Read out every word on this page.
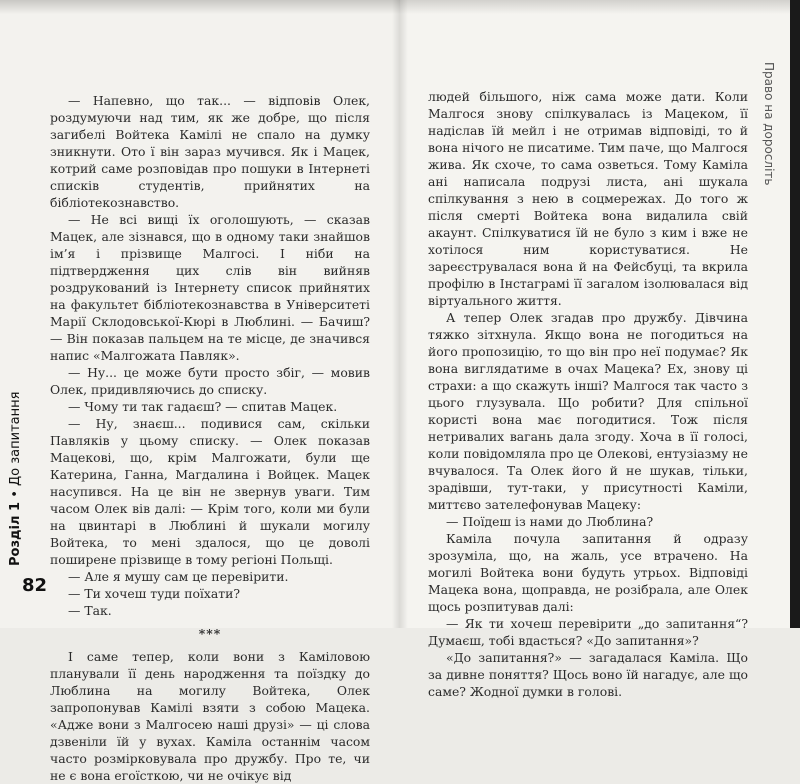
— Напевно, що так... — відповів Олек, роздумуючи над тим, як же добре, що після загибелі Войтека Камілі не спало на думку зникнути. Ото ї він зараз мучився. Як і Мацек, котрий саме розповідав про пошуки в Інтернеті списків студентів, прийнятих на бібліотекознавство.

— Не всі вищі їх оголошують, — сказав Мацек, але зізнався, що в одному таки знайшов ім’я і прізвище Малгосі. І ніби на підтвердження цих слів він вийняв роздрукований із Інтернету список прийнятих на факультет бібліотекознавства в Університеті Марії Склодовської-Кюрі в Люблині. — Бачиш? — Він показав пальцем на те місце, де значився напис «Малгожата Павляк».

— Ну... це може бути просто збіг, — мовив Олек, придивляючись до списку.

— Чому ти так гадаєш? — спитав Мацек.

— Ну, знаєш... подивися сам, скільки Павляків у цьому списку. — Олек показав Мацекові, що, крім Малгожати, були ще Катерина, Ганна, Магдалина і Войцек. Мацек насупився. На це він не звернув уваги. Тим часом Олек вів далі: — Крім того, коли ми були на цвинтарі в Люблині й шукали могилу Войтека, то мені здалося, що це доволі поширене прізвище в тому регіоні Польщі.

— Але я мушу сам це перевірити.

— Ти хочеш туди поїхати?

— Так.

***

І саме тепер, коли вони з Каміловою планували її день народження та поїздку до Люблина на могилу Войтека, Олек запропонував Камілі взяти з собою Мацека. «Адже вони з Малгосею наші друзі» — ці слова дзвеніли їй у вухах. Каміла останнім часом часто розмірковувала про дружбу. Про те, чи не є вона егоїсткою, чи не очікує від

82
Розділ 1 • До запитання

людей більшого, ніж сама може дати. Коли Малгося знову спілкувалась із Мацеком, її надіслав їй мейл і не отримав відповіді, то й вона нічого не писатиме. Тим паче, що Малгося жива. Як схоче, то сама озветься. Тому Каміла ані написала подрузі листа, ані шукала спілкування з нею в соцмережах. До того ж після смерті Войтека вона видалила свій акаунт. Спілкуватися їй не було з ким і вже не хотілося ним користуватися. Не зареєструвалася вона й на Фейсбуці, та вкрила профілю в Інстаграмі її загалом ізолювалася від віртуального життя.

А тепер Олек згадав про дружбу. Дівчина тяжко зітхнула. Якщо вона не погодиться на його пропозицію, то що він про неї подумає? Як вона виглядатиме в очах Мацека? Ех, знову ці страхи: а що скажуть інші? Малгося так часто з цього глузувала. Що робити? Для спільної користі вона має погодитися. Тож після нетривалих вагань дала згоду. Хоча в її голосі, коли повідомляла про це Олекові, ентузіазму не вчувалося. Та Олек його й не шукав, тільки, зрадівши, тут-таки, у присутності Каміли, миттєво зателефонував Мацеку:

— Поїдеш із нами до Люблина?

Каміла почула запитання й одразу зрозуміла, що, на жаль, усе втрачено. На могилі Войтека вони будуть утрьох. Відповіді Мацека вона, щоправда, не розібрала, але Олек щось розпитував далі:

— Як ти хочеш перевірити „до запитання“? Думаєш, тобі вдасться? «До запитання»?

«До запитання?» — загадалася Каміла. Що за дивне поняття? Щось воно їй нагадує, але що саме? Жодної думки в голові.

Право на доросліть
